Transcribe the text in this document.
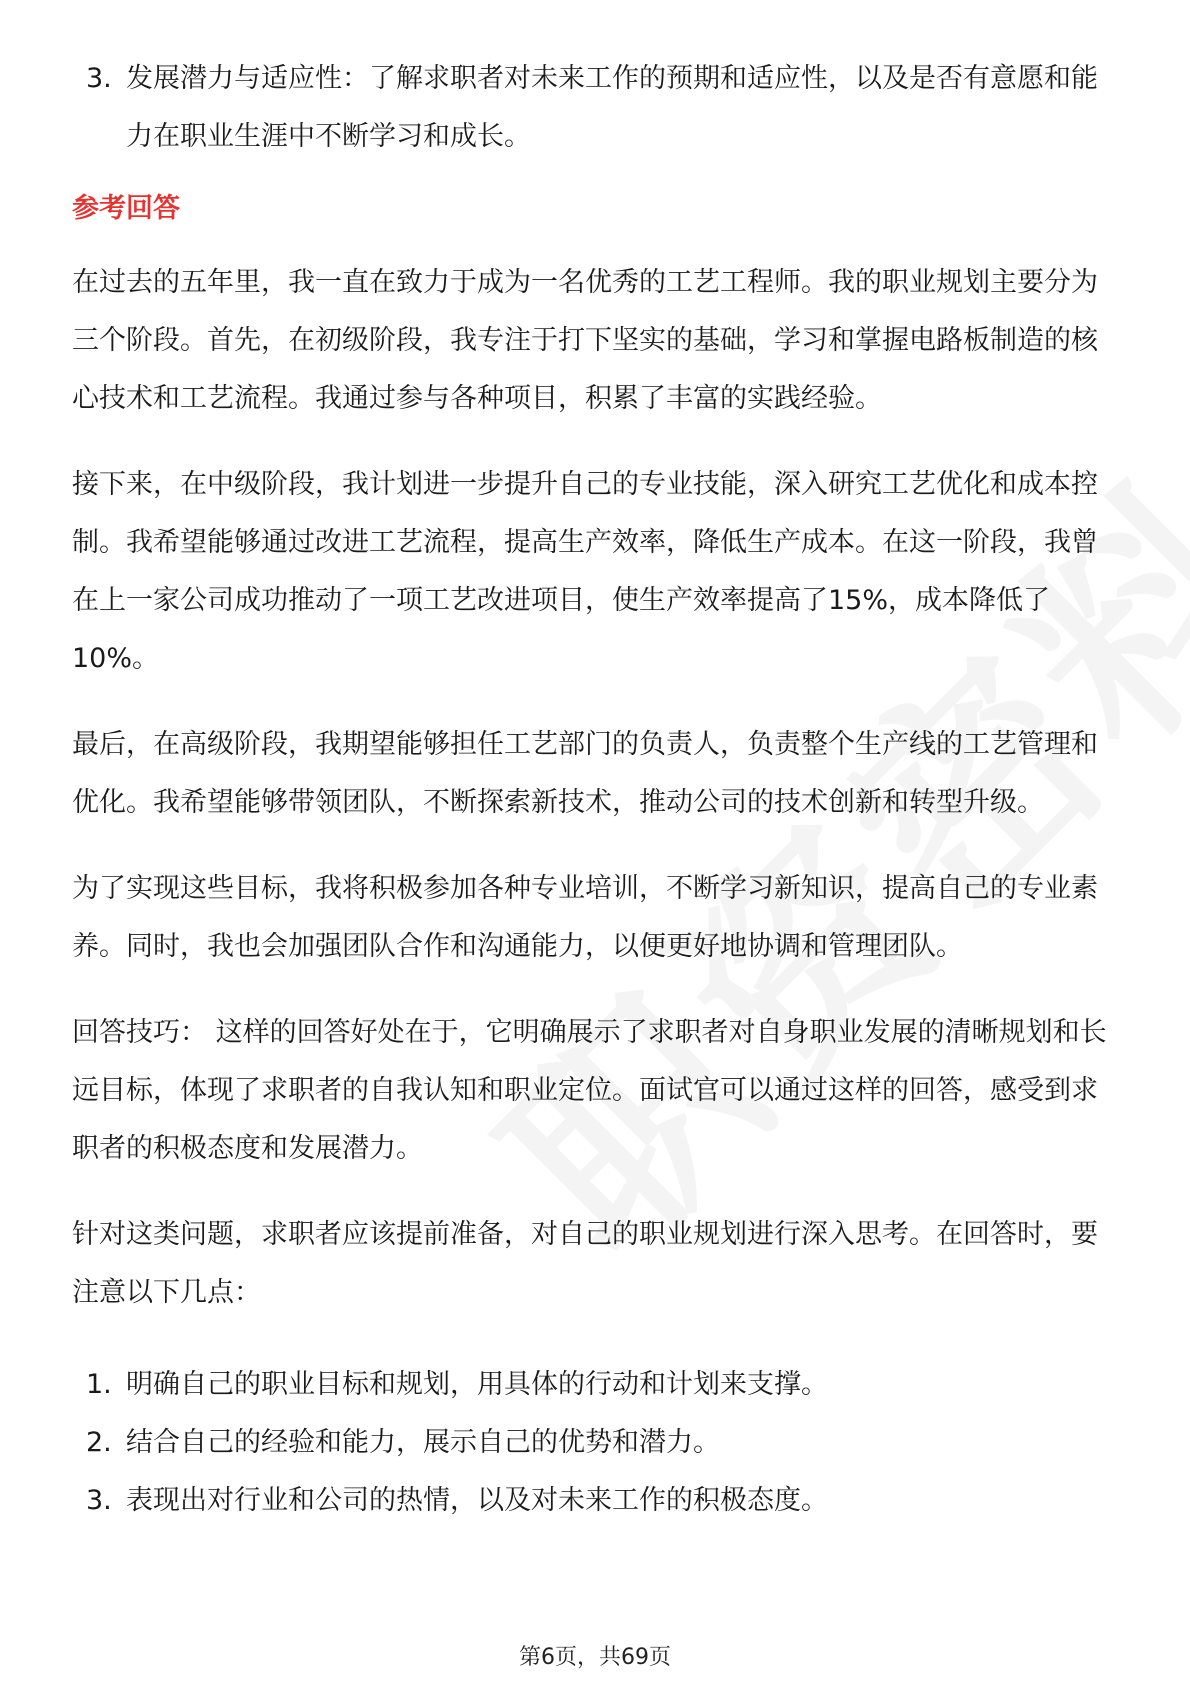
3. 发展潜力与适应性：了解求职者对未来工作的预期和适应性，以及是否有意愿和能力在职业生涯中不断学习和成长。
参考回答

在过去的五年里，我一直在致力于成为一名优秀的工艺工程师。我的职业规划主要分为三个阶段。首先，在初级阶段，我专注于打下坚实的基础，学习和掌握电路板制造的核心技术和工艺流程。我通过参与各种项目，积累了丰富的实践经验。

接下来，在中级阶段，我计划进一步提升自己的专业技能，深入研究工艺优化和成本控制。我希望能够通过改进工艺流程，提高生产效率，降低生产成本。在这一阶段，我曾在上一家公司成功推动了一项工艺改进项目，使生产效率提高了15%，成本降低了10%。

最后，在高级阶段，我期望能够担任工艺部门的负责人，负责整个生产线的工艺管理和优化。我希望能够带领团队，不断探索新技术，推动公司的技术创新和转型升级。

为了实现这些目标，我将积极参加各种专业培训，不断学习新知识，提高自己的专业素养。同时，我也会加强团队合作和沟通能力，以便更好地协调和管理团队。

回答技巧： 这样的回答好处在于，它明确展示了求职者对自身职业发展的清晰规划和长远目标，体现了求职者的自我认知和职业定位。面试官可以通过这样的回答，感受到求职者的积极态度和发展潜力。

针对这类问题，求职者应该提前准备，对自己的职业规划进行深入思考。在回答时，要注意以下几点：

1. 明确自己的职业目标和规划，用具体的行动和计划来支撑。
2. 结合自己的经验和能力，展示自己的优势和潜力。
3. 表现出对行业和公司的热情，以及对未来工作的积极态度。
第6页，共69页
